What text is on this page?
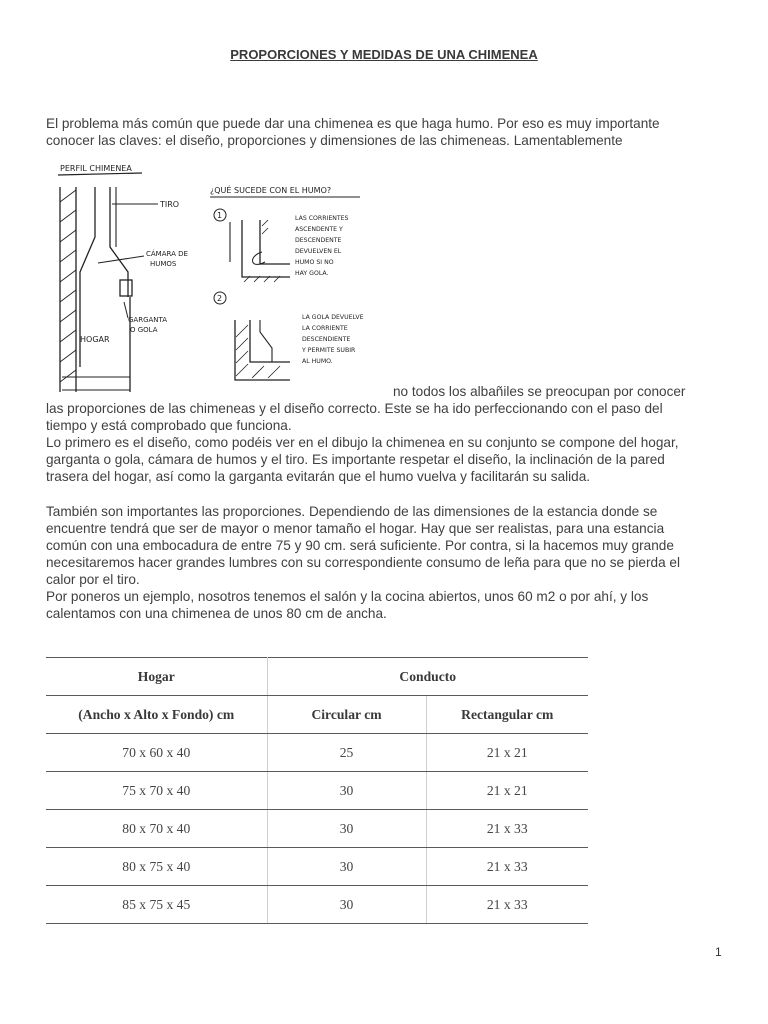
PROPORCIONES Y MEDIDAS DE UNA CHIMENEA

El problema más común que puede dar una chimenea es que haga humo. Por eso es muy importante
conocer las claves: el diseño, proporciones y dimensiones de las chimeneas. Lamentablemente

PERFIL CHIMENEA
TIRO
CÁMARA DE
HUMOS
GARGANTA
O GOLA
HOGAR
¿QUÉ SUCEDE CON EL HUMO?
1	LAS CORRIENTES
ASCENDENTE Y
DESCENDENTE
DEVUELVEN EL
HUMO SI NO
HAY GOLA.
2
LA GOLA DEVUELVE
LA CORRIENTE
DESCENDIENTE
Y PERMITE SUBIR
AL HUMO.
no todos los albañiles se preocupan por conocer

las proporciones de las chimeneas y el diseño correcto. Este se ha ido perfeccionando con el paso del
tiempo y está comprobado que funciona.
Lo primero es el diseño, como podéis ver en el dibujo la chimenea en su conjunto se compone del hogar,
garganta o gola, cámara de humos y el tiro. Es importante respetar el diseño, la inclinación de la pared
trasera del hogar, así como la garganta evitarán que el humo vuelva y facilitarán su salida.

También son importantes las proporciones. Dependiendo de las dimensiones de la estancia donde se
encuentre tendrá que ser de mayor o menor tamaño el hogar. Hay que ser realistas, para una estancia
común con una embocadura de entre 75 y 90 cm. será suficiente. Por contra, si la hacemos muy grande
necesitaremos hacer grandes lumbres con su correspondiente consumo de leña para que no se pierda el
calor por el tiro.
Por poneros un ejemplo, nosotros tenemos el salón y la cocina abiertos, unos 60 m2 o por ahí, y los
calentamos con una chimenea de unos 80 cm de ancha.

Hogar	Conducto	
(Ancho x Alto x Fondo) cm	Circular cm	Rectangular cm
70 x 60 x 40	25	21 x 21
75 x 70 x 40	30	21 x 21
80 x 70 x 40	30	21 x 33
80 x 75 x 40	30	21 x 33
85 x 75 x 45	30	21 x 33
1
